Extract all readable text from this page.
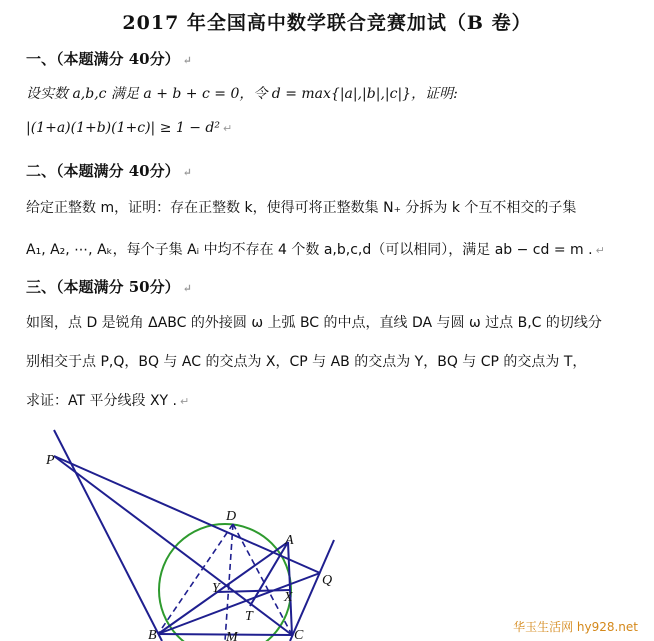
2017 年全国高中数学联合竞赛加试（B 卷）
一、（本题满分 40分） ↵
设实数 a,b,c 满足 a + b + c = 0，令 d = max{|a|,|b|,|c|}，证明:
|(1+a)(1+b)(1+c)| ≥ 1 − d² ↵
二、（本题满分 40分） ↵
给定正整数 m，证明：存在正整数 k，使得可将正整数集 N₊ 分拆为 k 个互不相交的子集
A₁, A₂, ⋯, Aₖ，每个子集 Aᵢ 中均不存在 4 个数 a,b,c,d（可以相同），满足 ab − cd = m . ↵
三、（本题满分 50分） ↵
如图，点 D 是锐角 ΔABC 的外接圆 ω 上弧 BC 的中点，直线 DA 与圆 ω 过点 B,C 的切线分
别相交于点 P,Q，BQ 与 AC 的交点为 X，CP 与 AB 的交点为 Y，BQ 与 CP 的交点为 T，
求证：AT 平分线段 XY . ↵
P
D
A
Q
Y
X
T
B	C
M
华玉生活网 hy928.net
